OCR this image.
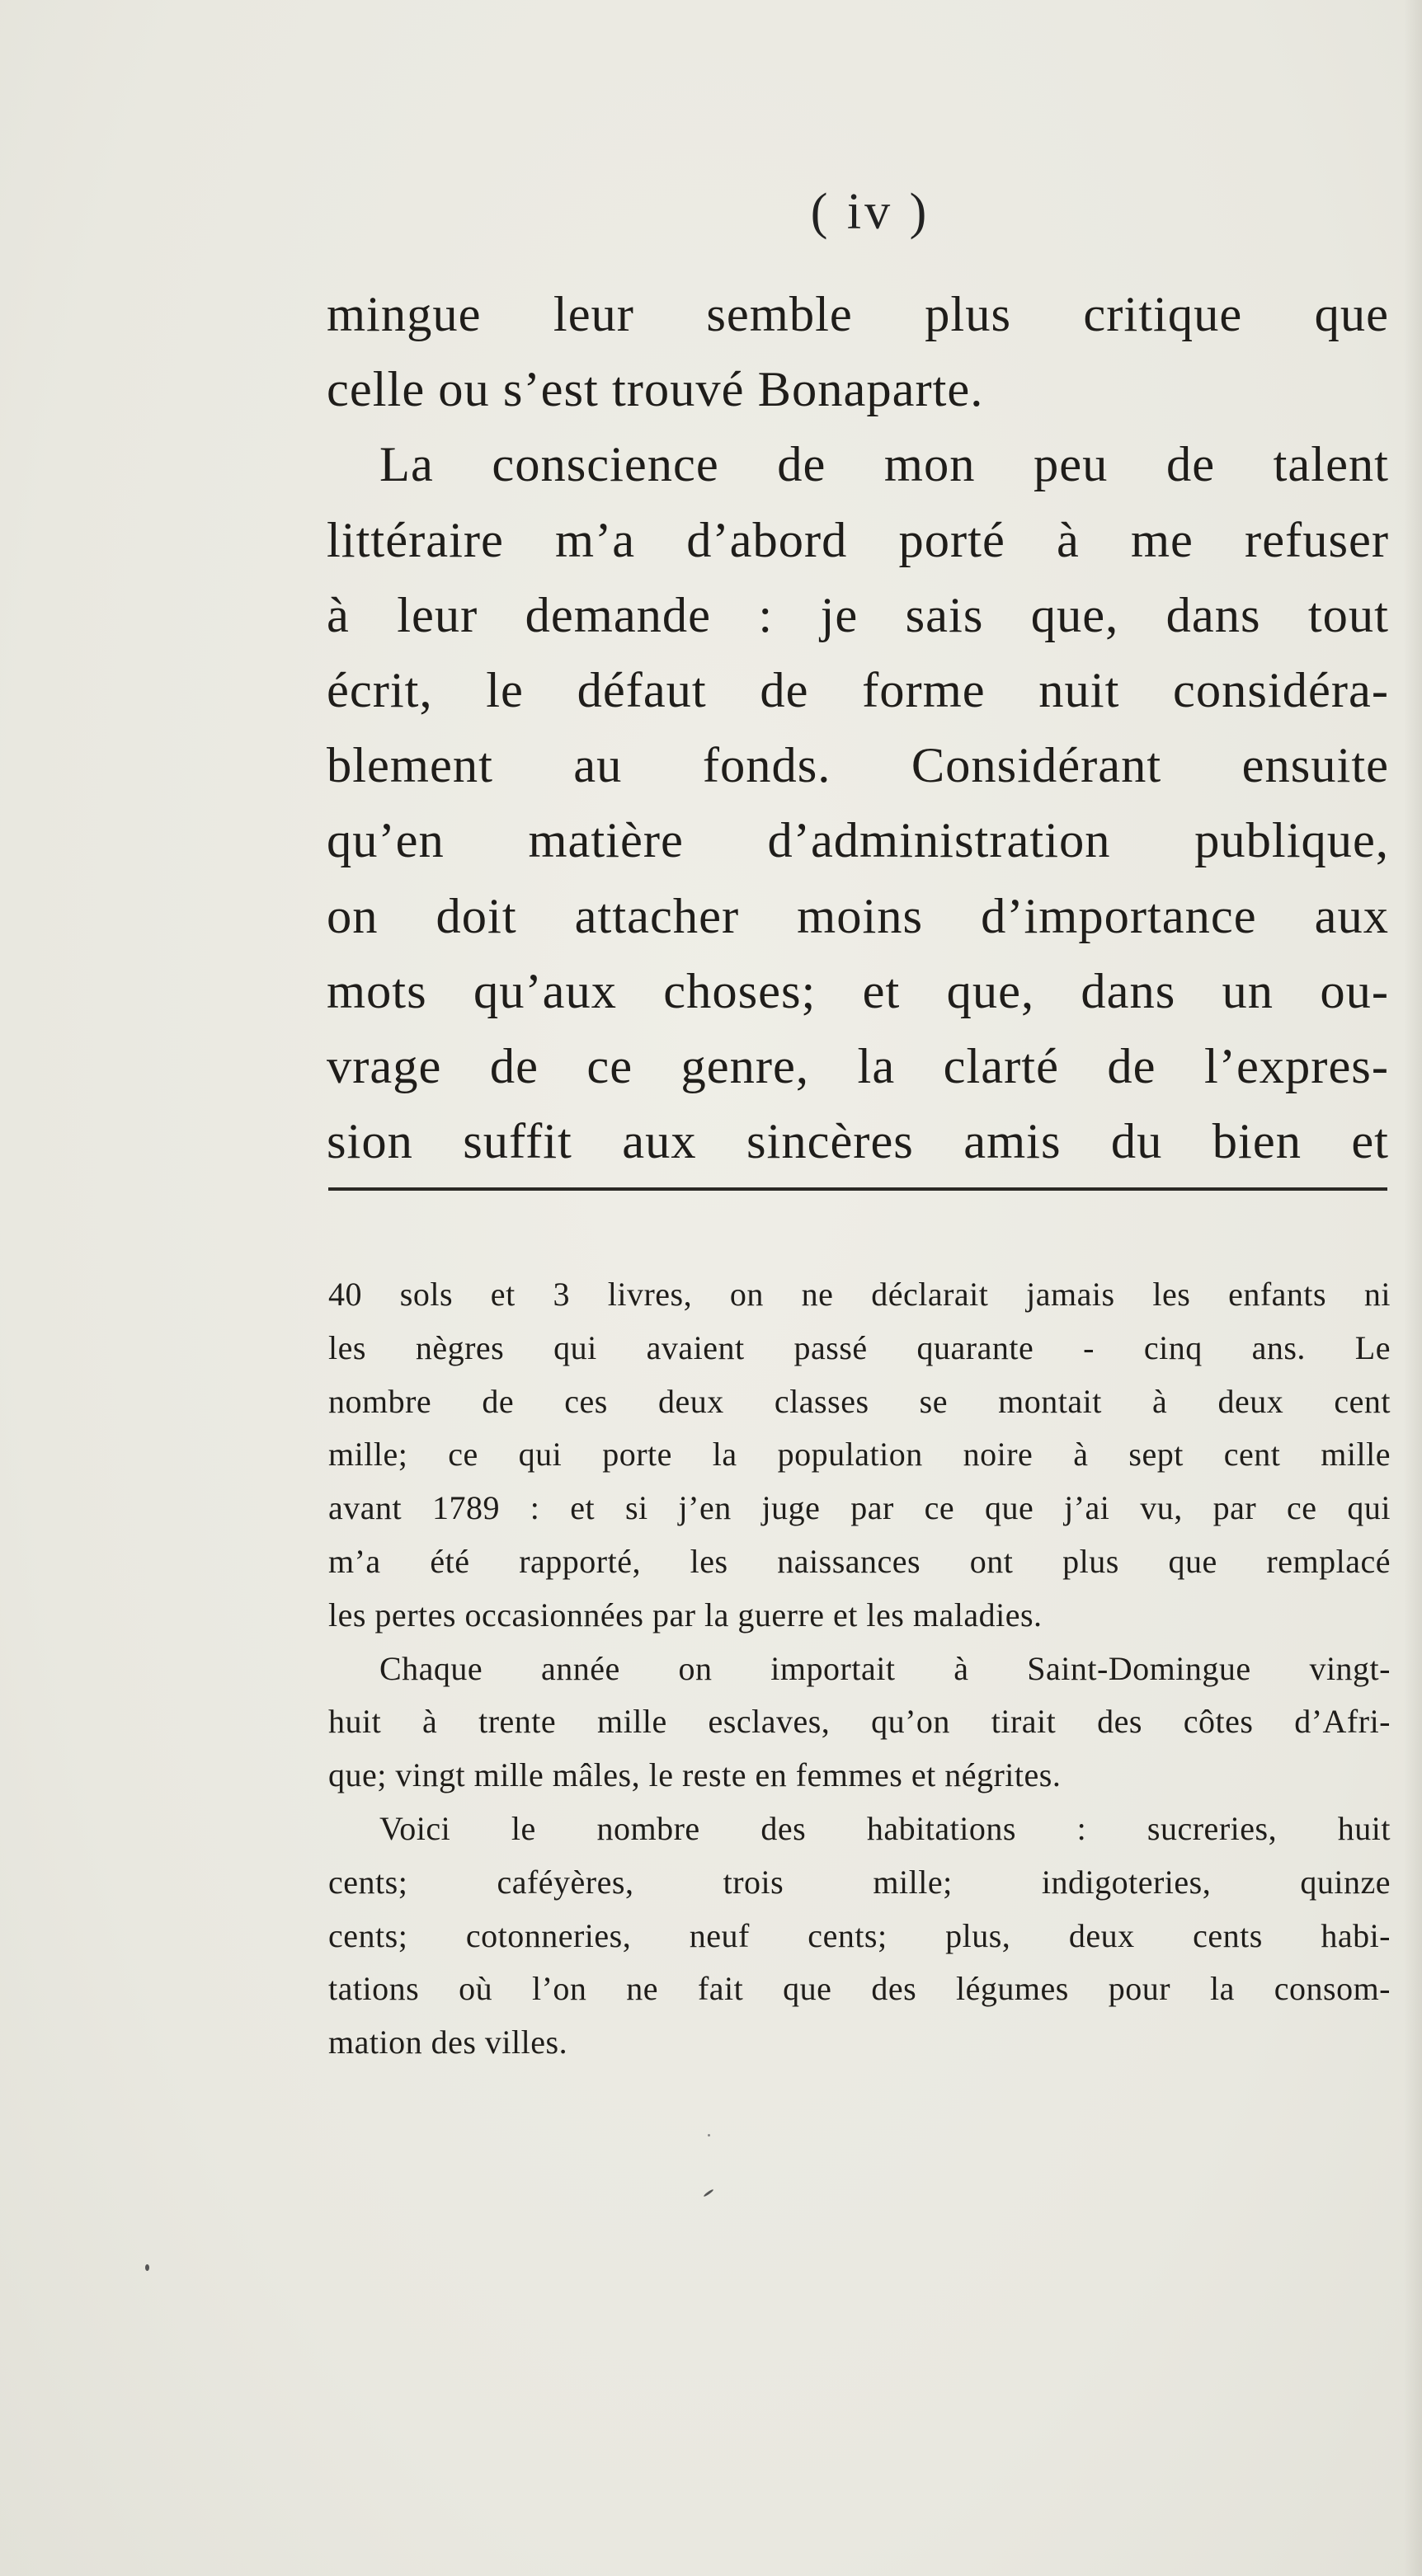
( iv )
mingue leur semble plus critique que
celle ou s’est trouvé Bonaparte.
La conscience de mon peu de talent
littéraire m’a d’abord porté à me refuser
à leur demande : je sais que, dans tout
écrit, le défaut de forme nuit considéra-
blement au fonds. Considérant ensuite
qu’en matière d’administration publique,
on doit attacher moins d’importance aux
mots qu’aux choses; et que, dans un ou-
vrage de ce genre, la clarté de l’expres-
sion suffit aux sincères amis du bien et
40 sols et 3 livres, on ne déclarait jamais les enfants ni
les nègres qui avaient passé quarante - cinq ans. Le
nombre de ces deux classes se montait à deux cent
mille; ce qui porte la population noire à sept cent mille
avant 1789 : et si j’en juge par ce que j’ai vu, par ce qui
m’a été rapporté, les naissances ont plus que remplacé
les pertes occasionnées par la guerre et les maladies.
Chaque année on importait à Saint-Domingue vingt-
huit à trente mille esclaves, qu’on tirait des côtes d’Afri-
que; vingt mille mâles, le reste en femmes et négrites.
Voici le nombre des habitations : sucreries, huit
cents; caféyères, trois mille; indigoteries, quinze
cents; cotonneries, neuf cents; plus, deux cents habi-
tations où l’on ne fait que des légumes pour la consom-
mation des villes.
